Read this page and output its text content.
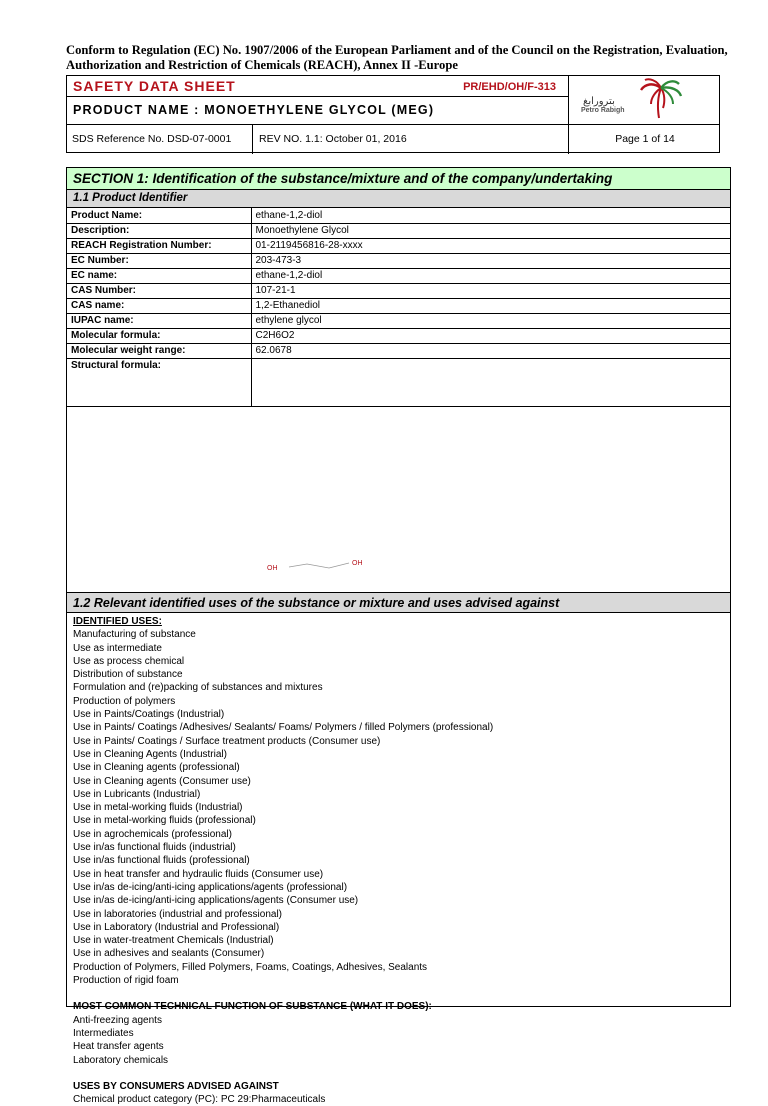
Conform to Regulation (EC) No. 1907/2006 of the European Parliament and of the Council on the Registration, Evaluation, Authorization and Restriction of Chemicals (REACH), Annex II -Europe
SAFETY DATA SHEET	PR/EHD/OH/F-313
PRODUCT NAME : MONOETHYLENE GLYCOL (MEG)
بترورابغ
Petro Rabigh
SDS Reference No. DSD-07-0001	REV NO. 1.1: October 01, 2016	Page 1 of 14
SECTION 1: Identification of the substance/mixture and of the company/undertaking
1.1 Product Identifier
Product Name:	ethane-1,2-diol
Description:	Monoethylene Glycol
REACH Registration Number:	01-2119456816-28-xxxx
EC Number:	203-473-3
EC name:	ethane-1,2-diol
CAS Number:	107-21-1
CAS name:	1,2-Ethanediol
IUPAC name:	ethylene glycol
Molecular formula:	C2H6O2
Molecular weight range:	62.0678
Structural formula:	
OH
OH
1.2 Relevant identified uses of the substance or mixture and uses advised against
IDENTIFIED USES:
Manufacturing of substance
Use as intermediate
Use as process chemical
Distribution of substance
Formulation and (re)packing of substances and mixtures
Production of polymers
Use in Paints/Coatings (Industrial)
Use in Paints/ Coatings /Adhesives/ Sealants/ Foams/ Polymers / filled Polymers (professional)
Use in Paints/ Coatings / Surface treatment products (Consumer use)
Use in Cleaning Agents (Industrial)
Use in Cleaning agents (professional)
Use in Cleaning agents (Consumer use)
Use in Lubricants (Industrial)
Use in metal-working fluids (Industrial)
Use in metal-working fluids (professional)
Use in agrochemicals (professional)
Use in/as functional fluids (industrial)
Use in/as functional fluids (professional)
Use in heat transfer and hydraulic fluids (Consumer use)
Use in/as de-icing/anti-icing applications/agents (professional)
Use in/as de-icing/anti-icing applications/agents (Consumer use)
Use in laboratories (industrial and professional)
Use in Laboratory (Industrial and Professional)
Use in water-treatment Chemicals (Industrial)
Use in adhesives and sealants (Consumer)
Production of Polymers, Filled Polymers, Foams, Coatings, Adhesives, Sealants
Production of rigid foam
MOST COMMON TECHNICAL FUNCTION OF SUBSTANCE (WHAT IT DOES):
Anti-freezing agents
Intermediates
Heat transfer agents
Laboratory chemicals
USES BY CONSUMERS ADVISED AGAINST
Chemical product category (PC): PC 29:Pharmaceuticals
